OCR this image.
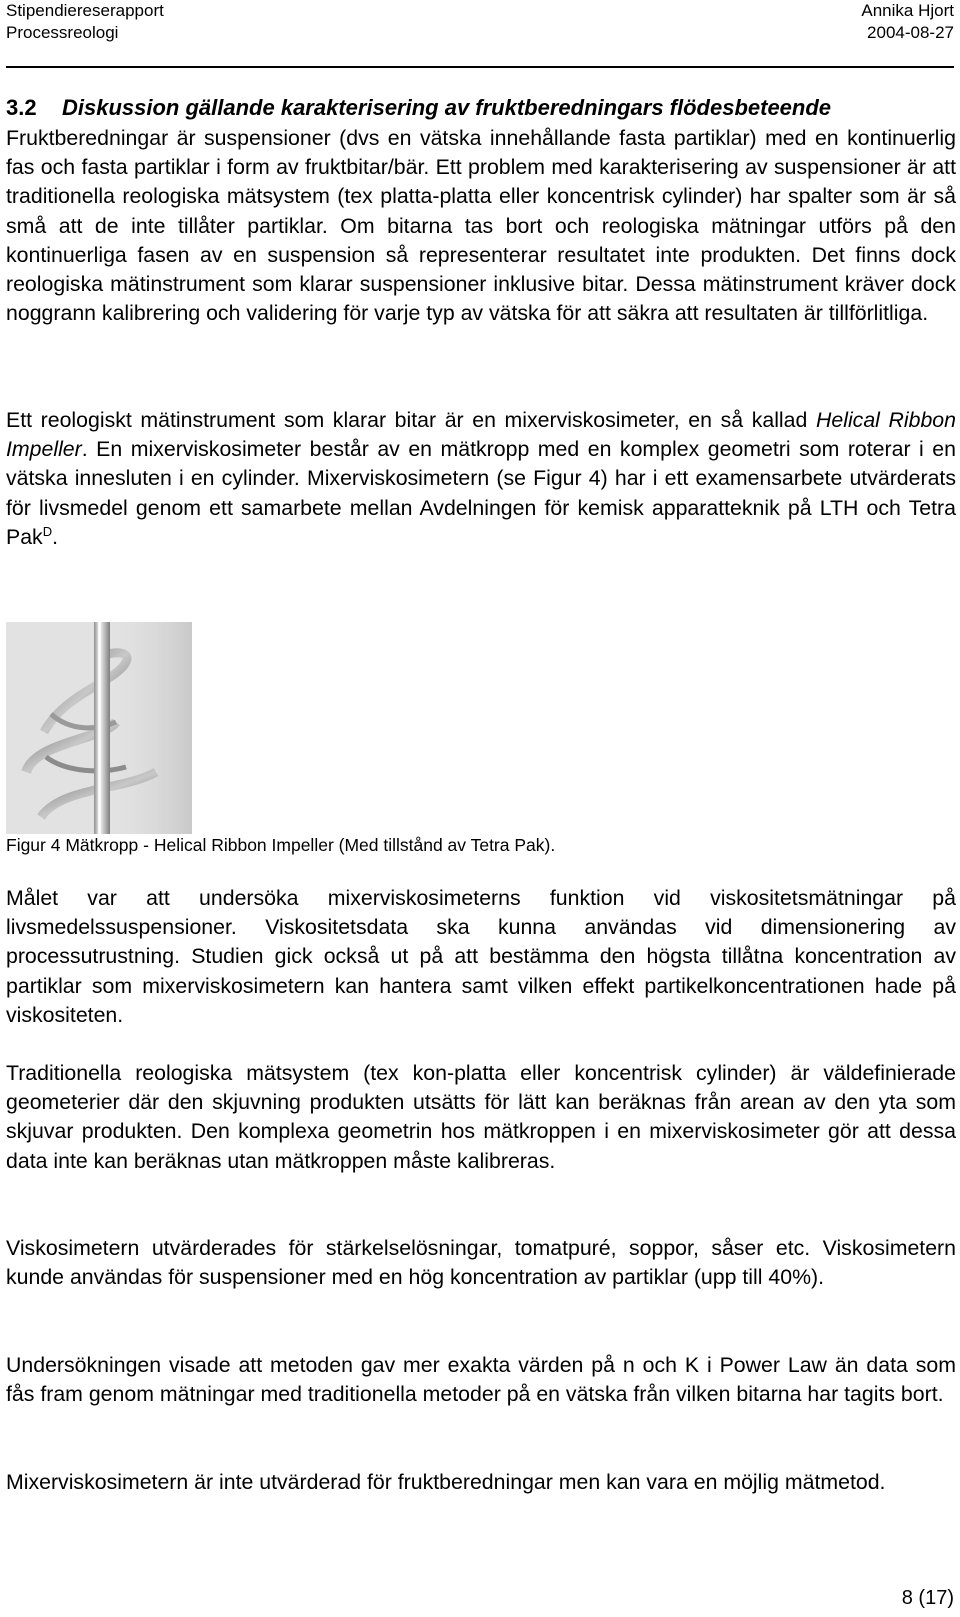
Stipendiereserapport	Annika Hjort
Processreologi	2004-08-27
3.2 Diskussion gällande karakterisering av fruktberedningars flödesbeteende
Fruktberedningar är suspensioner (dvs en vätska innehållande fasta partiklar) med en kontinuerlig fas och fasta partiklar i form av fruktbitar/bär. Ett problem med karakterisering av suspensioner är att traditionella reologiska mätsystem (tex platta-platta eller koncentrisk cylinder) har spalter som är så små att de inte tillåter partiklar. Om bitarna tas bort och reologiska mätningar utförs på den kontinuerliga fasen av en suspension så representerar resultatet inte produkten. Det finns dock reologiska mätinstrument som klarar suspensioner inklusive bitar. Dessa mätinstrument kräver dock noggrann kalibrering och validering för varje typ av vätska för att säkra att resultaten är tillförlitliga.
Ett reologiskt mätinstrument som klarar bitar är en mixerviskosimeter, en så kallad Helical Ribbon Impeller. En mixerviskosimeter består av en mätkropp med en komplex geometri som roterar i en vätska innesluten i en cylinder. Mixerviskosimetern (se Figur 4) har i ett examensarbete utvärderats för livsmedel genom ett samarbete mellan Avdelningen för kemisk apparatteknik på LTH och Tetra Pak$^D$.
Figur 4 Mätkropp - Helical Ribbon Impeller (Med tillstånd av Tetra Pak).
Målet var att undersöka mixerviskosimeterns funktion vid viskositetsmätningar på livsmedelssuspensioner. Viskositetsdata ska kunna användas vid dimensionering av processutrustning. Studien gick också ut på att bestämma den högsta tillåtna koncentration av partiklar som mixerviskosimetern kan hantera samt vilken effekt partikelkoncentrationen hade på viskositeten.
Traditionella reologiska mätsystem (tex kon-platta eller koncentrisk cylinder) är väldefinierade geometerier där den skjuvning produkten utsätts för lätt kan beräknas från arean av den yta som skjuvar produkten. Den komplexa geometrin hos mätkroppen i en mixerviskosimeter gör att dessa data inte kan beräknas utan mätkroppen måste kalibreras.
Viskosimetern utvärderades för stärkelselösningar, tomatpuré, soppor, såser etc. Viskosimetern kunde användas för suspensioner med en hög koncentration av partiklar (upp till 40%).
Undersökningen visade att metoden gav mer exakta värden på n och K i Power Law än data som fås fram genom mätningar med traditionella metoder på en vätska från vilken bitarna har tagits bort.
Mixerviskosimetern är inte utvärderad för fruktberedningar men kan vara en möjlig mätmetod.
8 (17)
